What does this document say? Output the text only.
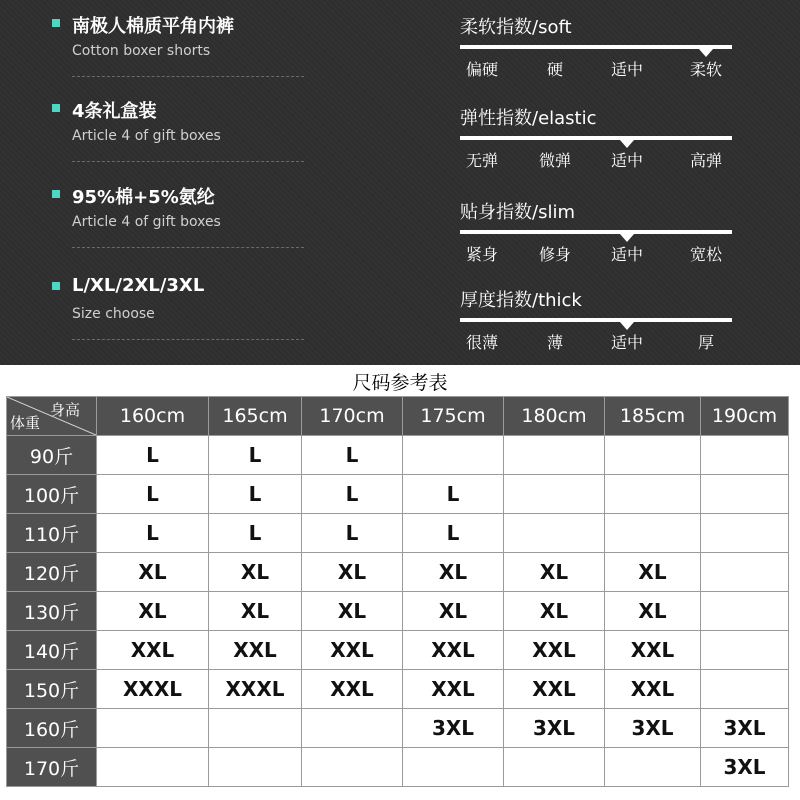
南极人棉质平角内裤
Cotton boxer shorts
4条礼盒装
Article 4 of gift boxes
95%棉+5%氨纶
Article 4 of gift boxes
L/XL/2XL/3XL
Size choose
柔软指数/soft
偏硬	硬	适中	柔软
弹性指数/elastic
无弹	微弹 适中	高弹
贴身指数/slim
紧身	修身 适中	宽松
厚度指数/thick
很薄	薄	适中	厚
尺码参考表
身高
体重	160cm	165cm	170cm	175cm	180cm	185cm	190cm
90斤	L	L	L				
100斤	L	L	L	L			
110斤	L	L	L	L			
120斤	XL	XL	XL	XL	XL	XL	
130斤	XL	XL	XL	XL	XL	XL	
140斤	XXL	XXL	XXL	XXL	XXL	XXL	
150斤	XXXL	XXXL	XXL	XXL	XXL	XXL	
160斤				3XL	3XL	3XL	3XL
170斤							3XL
